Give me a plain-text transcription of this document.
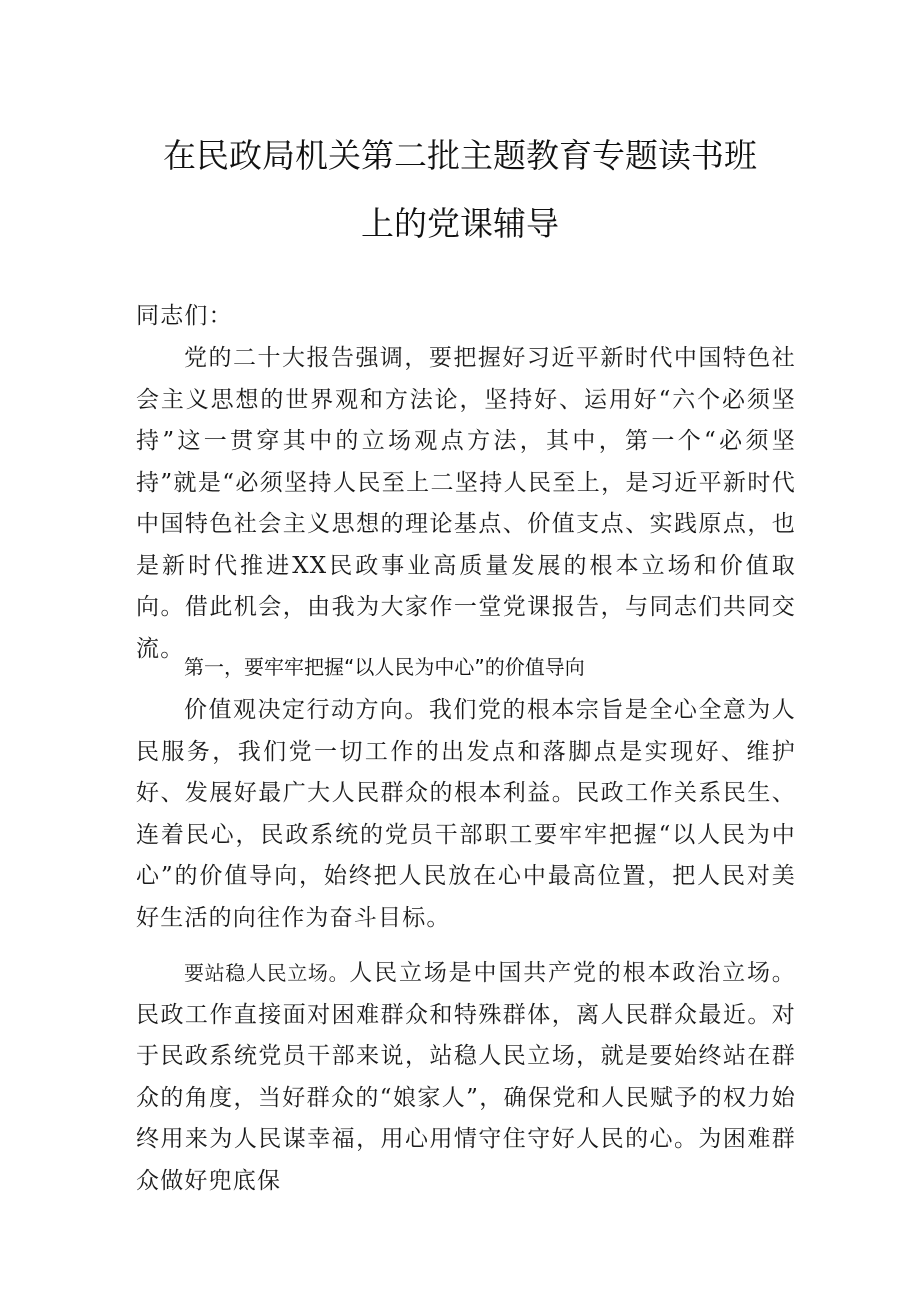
在民政局机关第二批主题教育专题读书班
上的党课辅导

同志们：

党的二十大报告强调，要把握好习近平新时代中国特色社会主义思想的世界观和方法论，坚持好、运用好“六个必须坚持”这一贯穿其中的立场观点方法，其中，第一个“必须坚持”就是“必须坚持人民至上二坚持人民至上，是习近平新时代中国特色社会主义思想的理论基点、价值支点、实践原点，也是新时代推进XX民政事业高质量发展的根本立场和价值取向。借此机会，由我为大家作一堂党课报告，与同志们共同交流。

第一，要牢牢把握“以人民为中心”的价值导向

价值观决定行动方向。我们党的根本宗旨是全心全意为人民服务，我们党一切工作的出发点和落脚点是实现好、维护好、发展好最广大人民群众的根本利益。民政工作关系民生、连着民心，民政系统的党员干部职工要牢牢把握“以人民为中心”的价值导向，始终把人民放在心中最高位置，把人民对美好生活的向往作为奋斗目标。

要站稳人民立场。人民立场是中国共产党的根本政治立场。民政工作直接面对困难群众和特殊群体，离人民群众最近。对于民政系统党员干部来说，站稳人民立场，就是要始终站在群众的角度，当好群众的“娘家人”，确保党和人民赋予的权力始终用来为人民谋幸福，用心用情守住守好人民的心。为困难群众做好兜底保
